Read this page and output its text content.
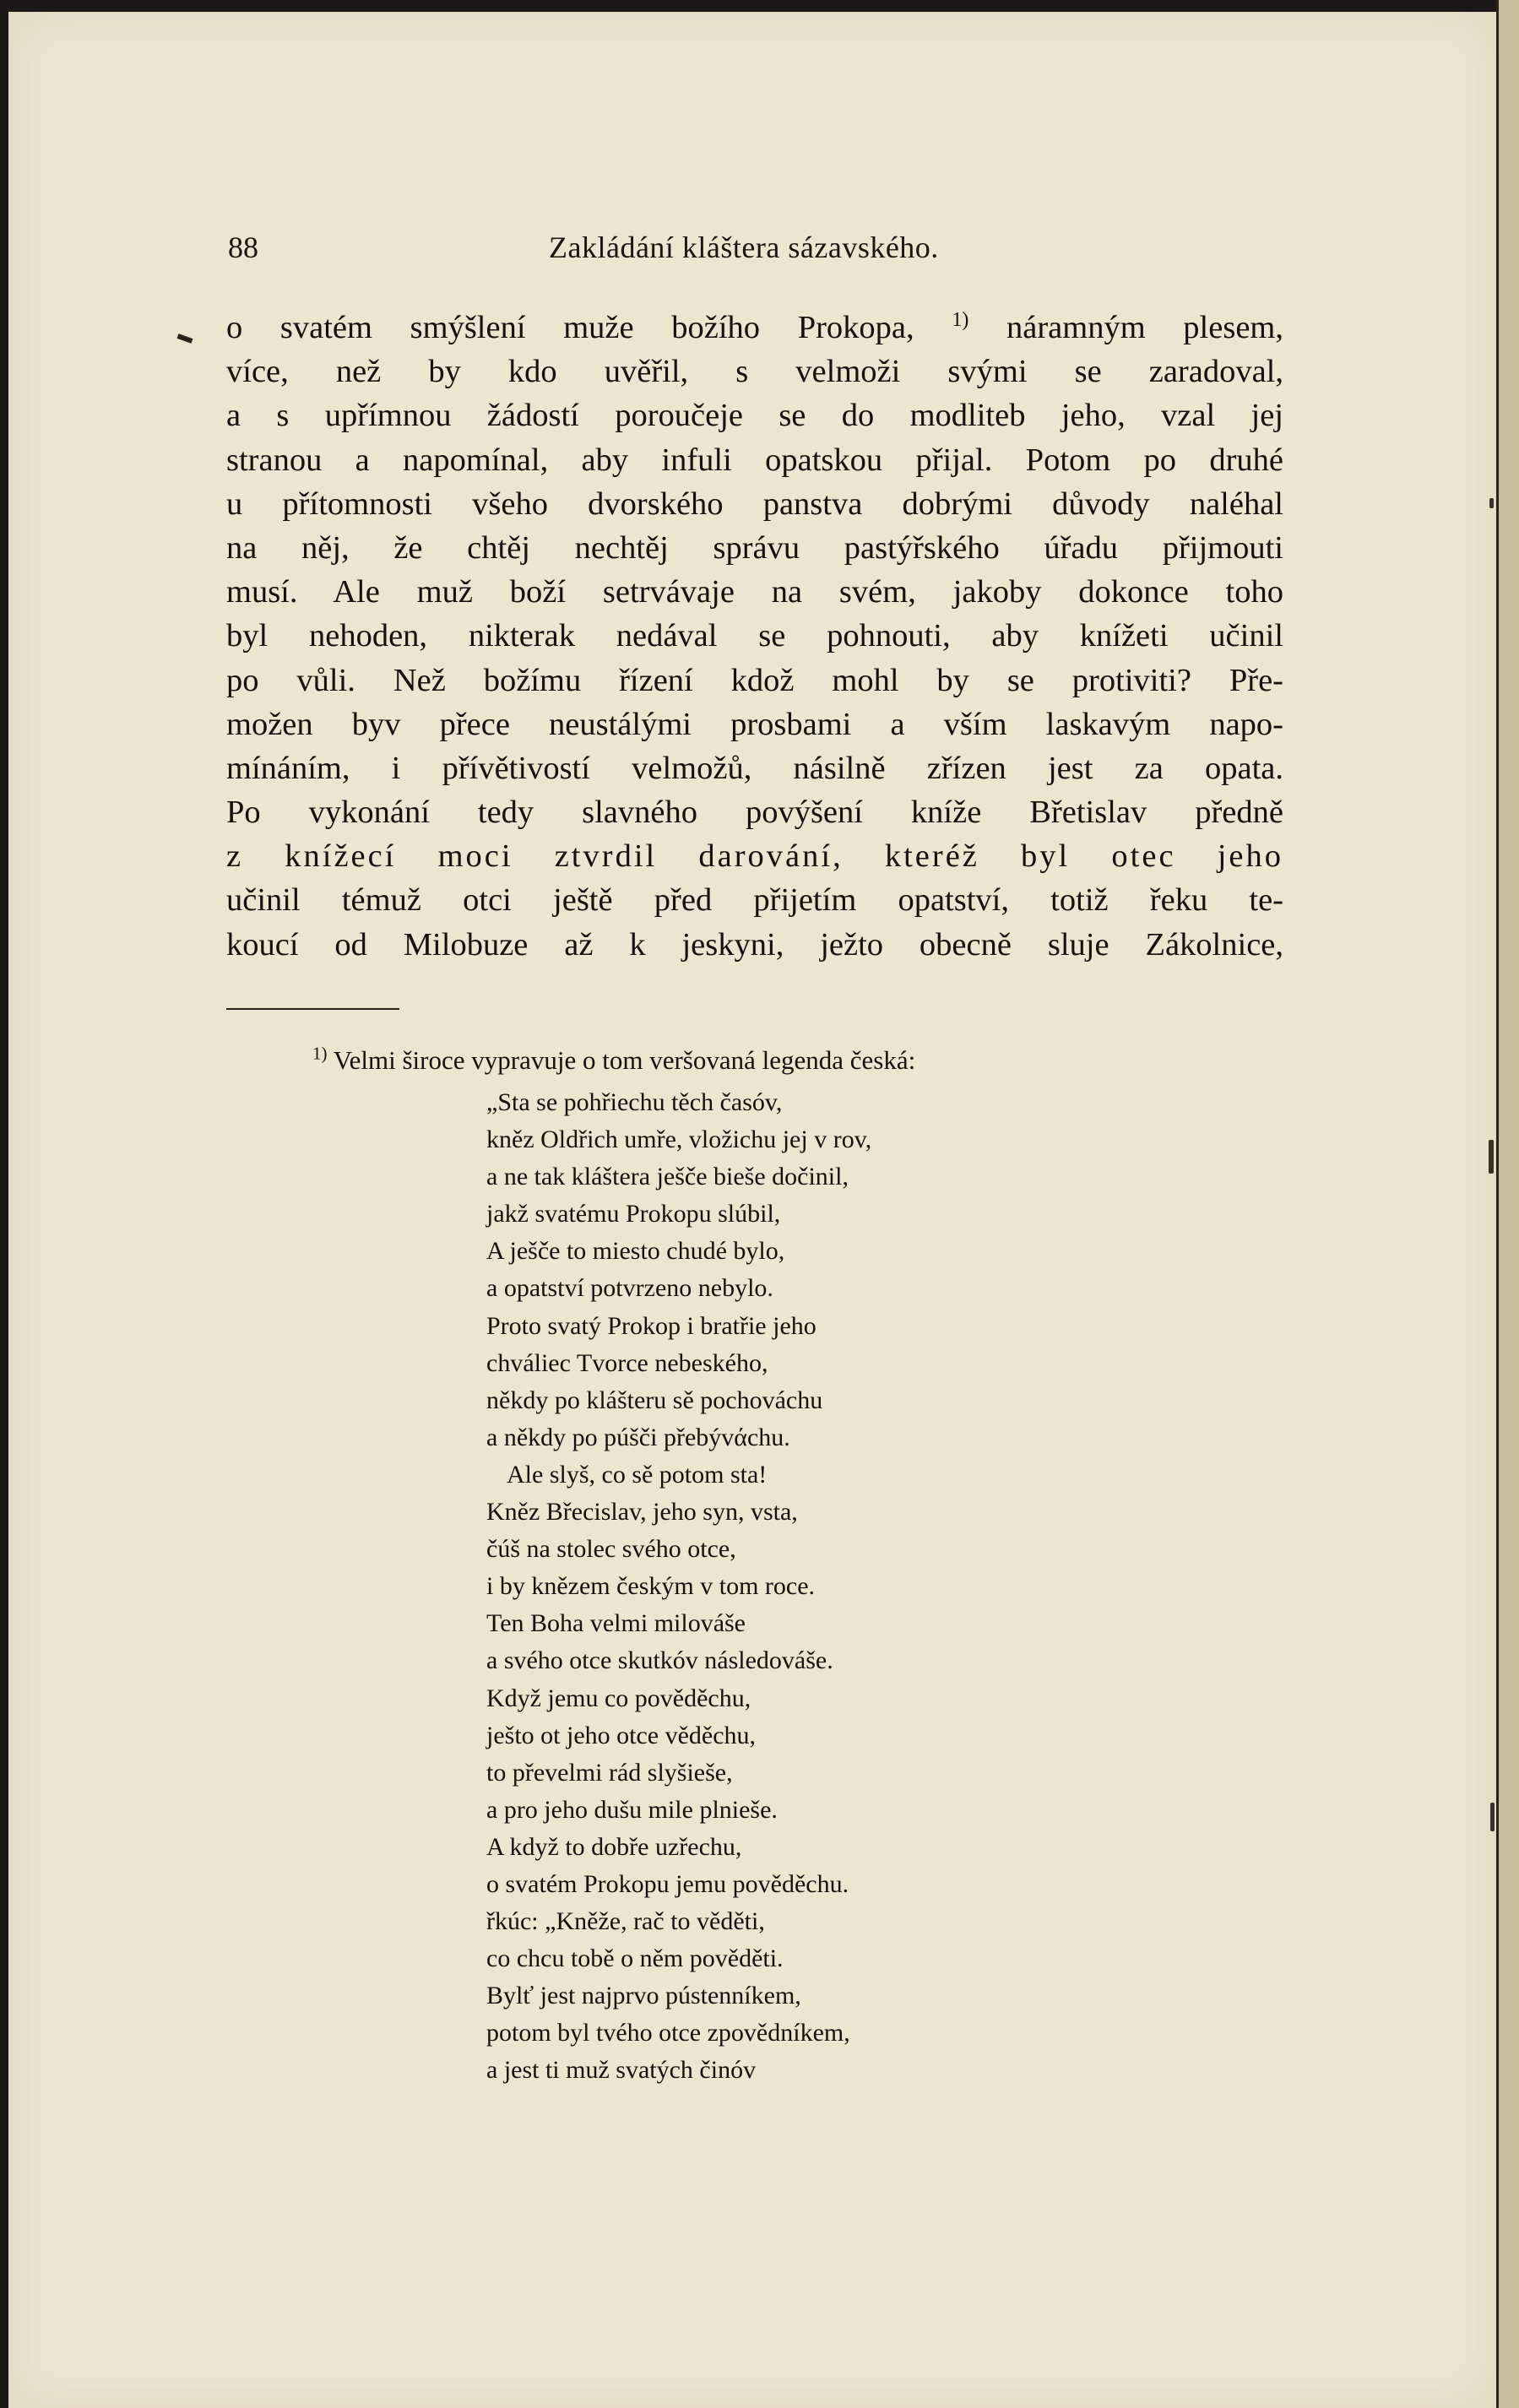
88	Zakládání kláštera sázavského.
o svatém smýšlení muže božího Prokopa, $^{1)}$ náramným plesem,
více, než by kdo uvěřil, s velmoži svými se zaradoval,
a s upřímnou žádostí poroučeje se do modliteb jeho, vzal jej
stranou a napomínal, aby infuli opatskou přijal. Potom po druhé
u přítomnosti všeho dvorského panstva dobrými důvody naléhal
na něj, že chtěj nechtěj správu pastýřského úřadu přijmouti
musí. Ale muž boží setrvávaje na svém, jakoby dokonce toho
byl nehoden, nikterak nedával se pohnouti, aby knížeti učinil
po vůli. Než božímu řízení kdož mohl by se protiviti? Pře-
možen byv přece neustálými prosbami a vším laskavým napo-
mínáním, i přívětivostí velmožů, násilně zřízen jest za opata.
Po vykonání tedy slavného povýšení kníže Břetislav předně
z knížecí moci ztvrdil darování, kteréž byl otec jeho
učinil témuž otci ještě před přijetím opatství, totiž řeku te-
koucí od Milobuze až k jeskyni, ježto obecně sluje Zákolnice,
$^{1)}$ Velmi široce vypravuje o tom veršovaná legenda česká:
„Sta se pohřiechu těch časóv,
kněz Oldřich umře, vložichu jej v rov,
a ne tak kláštera ješče bieše dočinil,
jakž svatému Prokopu slúbil,
A ješče to miesto chudé bylo,
a opatství potvrzeno nebylo.
Proto svatý Prokop i bratřie jeho
chváliec Tvorce nebeského,
někdy po klášteru sě pochováchu
a někdy po púšči přebývάchu.
Ale slyš, co sě potom sta!
Kněz Břecislav, jeho syn, vsta,
čúš na stolec svého otce,
i by knězem českým v tom roce.
Ten Boha velmi milováše
a svého otce skutkóv následováše.
Když jemu co pověděchu,
ješto ot jeho otce věděchu,
to převelmi rád slyšieše,
a pro jeho dušu mile plnieše.
A když to dobře uzřechu,
o svatém Prokopu jemu pověděchu.
řkúc: „Kněže, rač to věděti,
co chcu tobě o něm pověděti.
Bylť jest najprvo pústenníkem,
potom byl tvého otce zpovědníkem,
a jest ti muž svatých činóv
